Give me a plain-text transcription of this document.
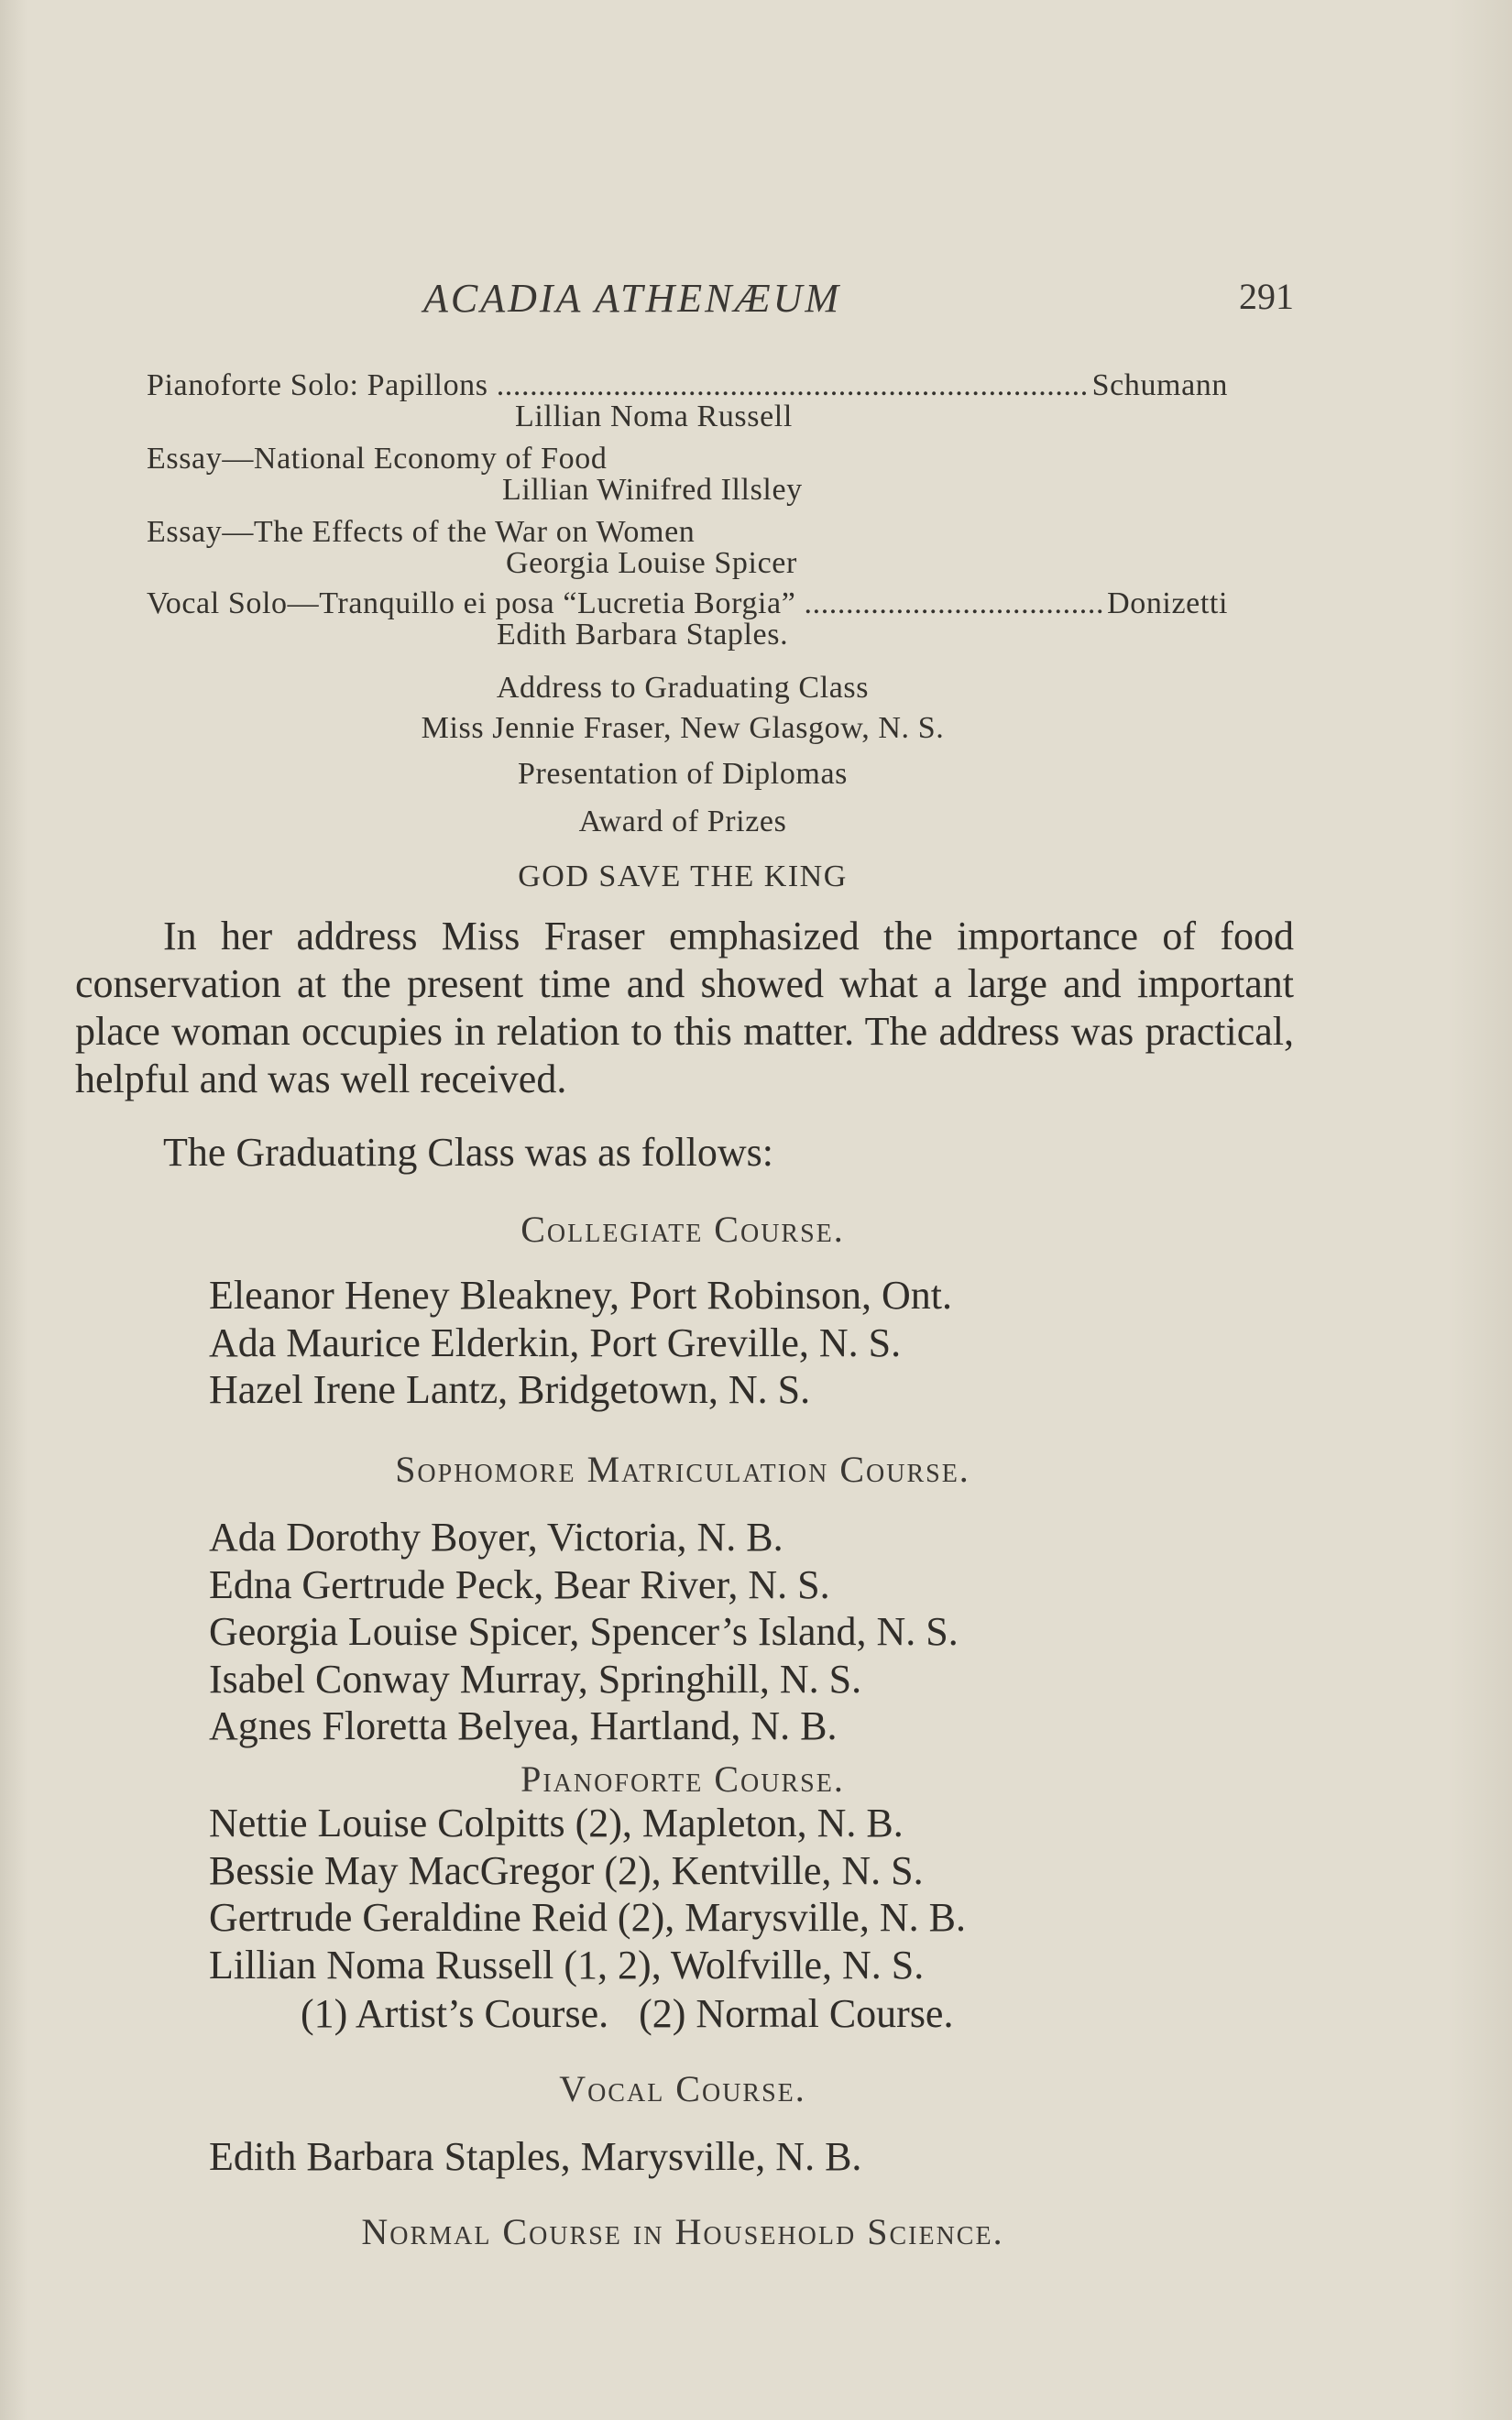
ACADIA ATHENÆUM	291
Pianoforte Solo: Papillons .....	Schumann
Lillian Noma Russell
Essay—National Economy of Food
Lillian Winifred Illsley
Essay—The Effects of the War on Women
Georgia Louise Spicer
Vocal Solo—Tranquillo ei posa “Lucretia Borgia” .....	Donizetti
Edith Barbara Staples.
Address to Graduating Class
Miss Jennie Fraser, New Glasgow, N. S.
Presentation of Diplomas
Award of Prizes
GOD SAVE THE KING

In her address Miss Fraser emphasized the importance of food conservation at the present time and showed what a large and important place woman occupies in relation to this matter. The address was practical, helpful and was well received.

The Graduating Class was as follows:
Collegiate Course.
Eleanor Heney Bleakney, Port Robinson, Ont.
Ada Maurice Elderkin, Port Greville, N. S.
Hazel Irene Lantz, Bridgetown, N. S.
Sophomore Matriculation Course.
Ada Dorothy Boyer, Victoria, N. B.
Edna Gertrude Peck, Bear River, N. S.
Georgia Louise Spicer, Spencer’s Island, N. S.
Isabel Conway Murray, Springhill, N. S.
Agnes Floretta Belyea, Hartland, N. B.
Pianoforte Course.
Nettie Louise Colpitts (2), Mapleton, N. B.
Bessie May MacGregor (2), Kentville, N. S.
Gertrude Geraldine Reid (2), Marysville, N. B.
Lillian Noma Russell (1, 2), Wolfville, N. S.
(1) Artist’s Course.   (2) Normal Course.
Vocal Course.
Edith Barbara Staples, Marysville, N. B.
Normal Course in Household Science.
